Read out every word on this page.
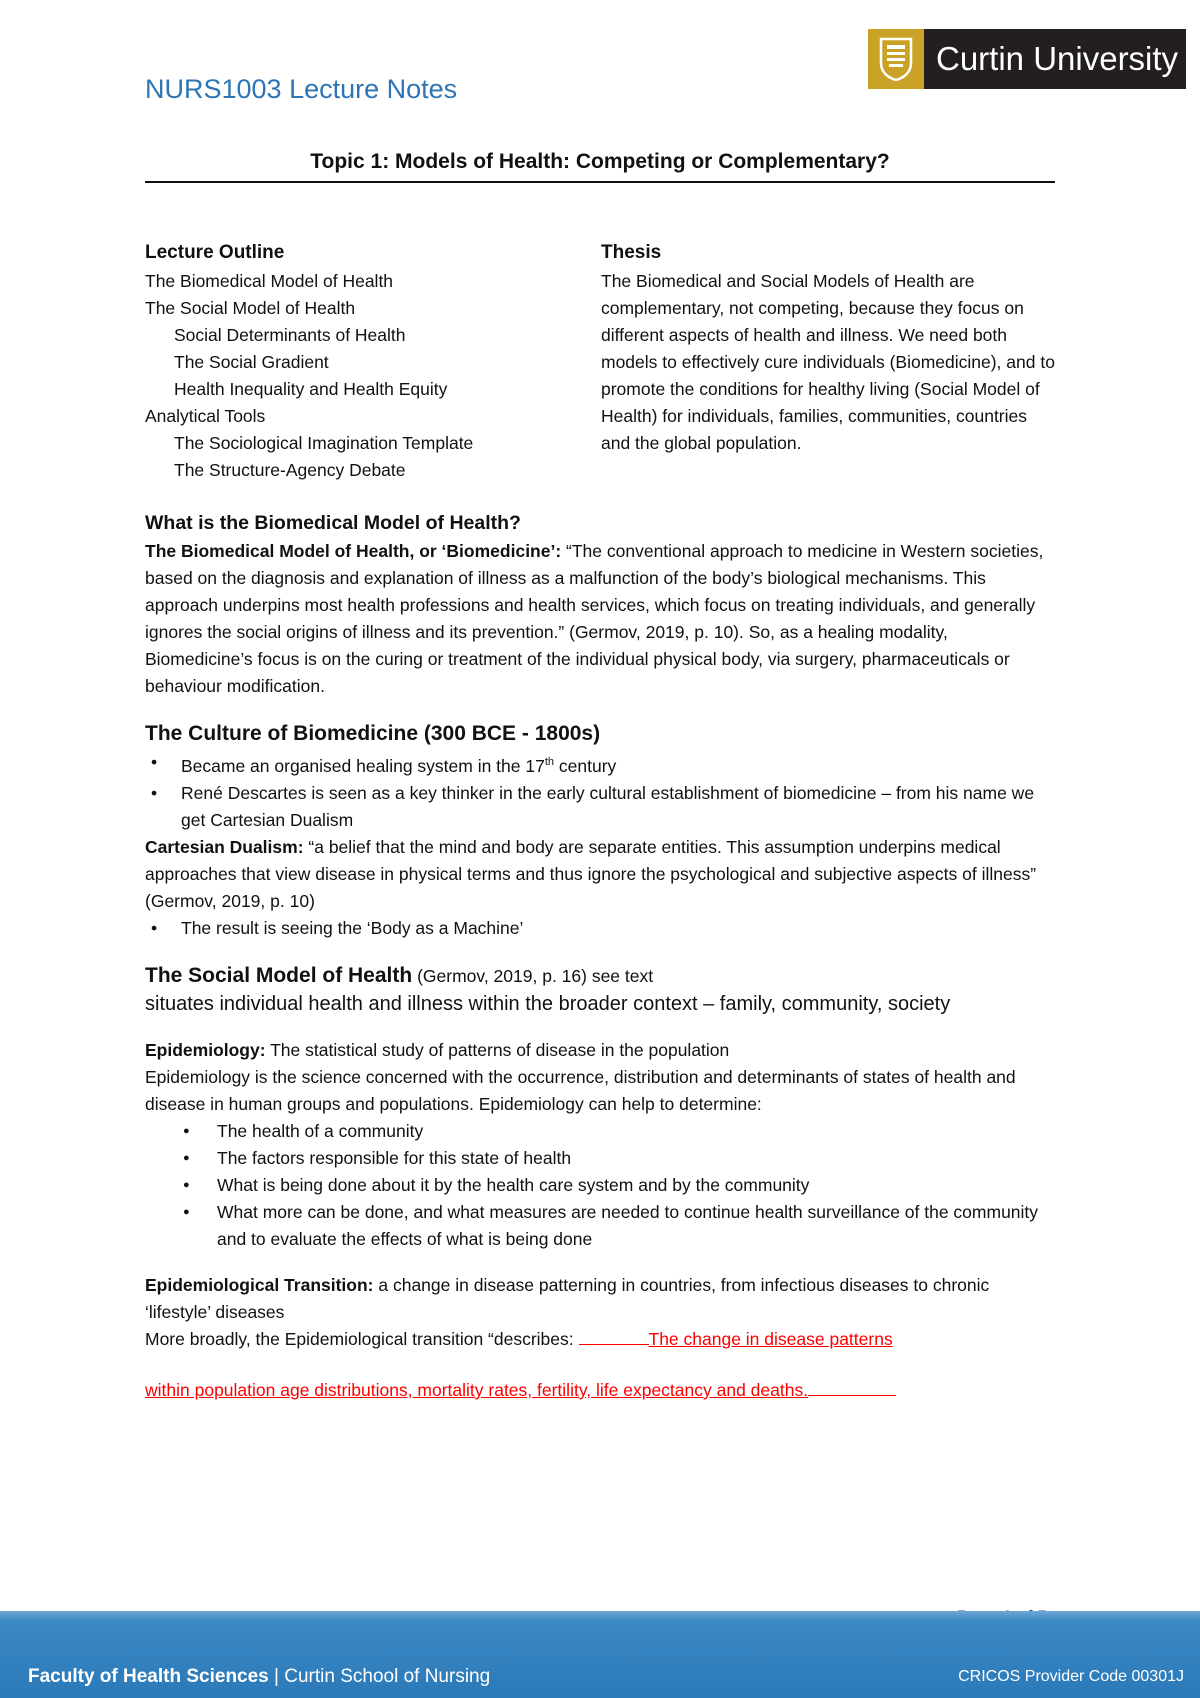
NURS1003 Lecture Notes
Curtin University
Topic 1: Models of Health: Competing or Complementary?

Lecture Outline

The Biomedical Model of Health

The Social Model of Health

Social Determinants of Health

The Social Gradient

Health Inequality and Health Equity

Analytical Tools

The Sociological Imagination Template

The Structure-Agency Debate

Thesis

The Biomedical and Social Models of Health are complementary, not competing, because they focus on different aspects of health and illness. We need both models to effectively cure individuals (Biomedicine), and to promote the conditions for healthy living (Social Model of Health) for individuals, families, communities, countries and the global population.

What is the Biomedical Model of Health?

The Biomedical Model of Health, or ‘Biomedicine’: “The conventional approach to medicine in Western societies, based on the diagnosis and explanation of illness as a malfunction of the body’s biological mechanisms. This approach underpins most health professions and health services, which focus on treating individuals, and generally ignores the social origins of illness and its prevention.” (Germov, 2019, p. 10). So, as a healing modality, Biomedicine’s focus is on the curing or treatment of the individual physical body, via surgery, pharmaceuticals or behaviour modification.

The Culture of Biomedicine (300 BCE - 1800s)

• Became an organised healing system in the 17th century
• René Descartes is seen as a key thinker in the early cultural establishment of biomedicine – from his name we get Cartesian Dualism

Cartesian Dualism: “a belief that the mind and body are separate entities. This assumption underpins medical approaches that view disease in physical terms and thus ignore the psychological and subjective aspects of illness” (Germov, 2019, p. 10)

• The result is seeing the ‘Body as a Machine’

The Social Model of Health (Germov, 2019, p. 16) see text

situates individual health and illness within the broader context – family, community, society

Epidemiology: The statistical study of patterns of disease in the population

Epidemiology is the science concerned with the occurrence, distribution and determinants of states of health and disease in human groups and populations. Epidemiology can help to determine:

● The health of a community
● The factors responsible for this state of health
● What is being done about it by the health care system and by the community
● What more can be done, and what measures are needed to continue health surveillance of the community and to evaluate the effects of what is being done

Epidemiological Transition: a change in disease patterning in countries, from infectious diseases to chronic ‘lifestyle’ diseases

More broadly, the Epidemiological transition “describes:	The change in disease patterns

within population age distributions, mortality rates, fertility, life expectancy and deaths.

Faculty of Health Sciences | Curtin School of Nursing	CRICOS Provider Code 00301J
